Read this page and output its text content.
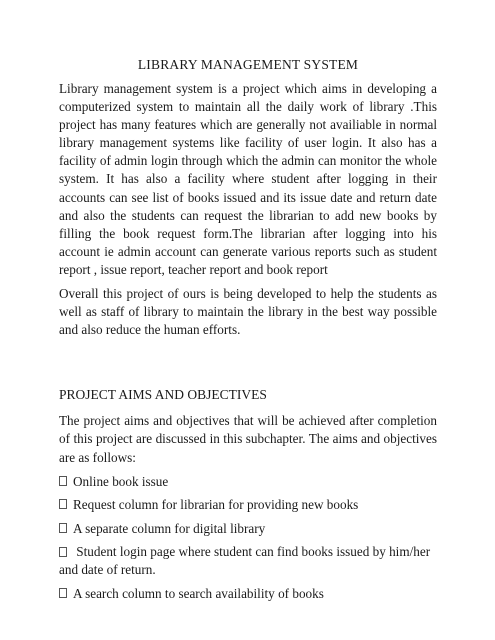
LIBRARY MANAGEMENT SYSTEM

Library management system is a project which aims in developing a computerized system to maintain all the daily work of library .This project has many features which are generally not availiable in normal library management systems like facility of user login. It also has a facility of admin login through which the admin can monitor the whole system. It has also a facility where student after logging in their accounts can see list of books issued and its issue date and return date and also the students can request the librarian to add new books by filling the book request form.The librarian after logging into his account ie admin account can generate various reports such as student report , issue report, teacher report and book report

Overall this project of ours is being developed to help the students as well as staff of library to maintain the library in the best way possible and also reduce the human efforts.

PROJECT AIMS AND OBJECTIVES

The project aims and objectives that will be achieved after completion of this project are discussed in this subchapter. The aims and objectives are as follows:

Online book issue
Request column for librarian for providing new books
A separate column for digital library
Student login page where student can find books issued by him/her and date of return.
A search column to search availability of books
